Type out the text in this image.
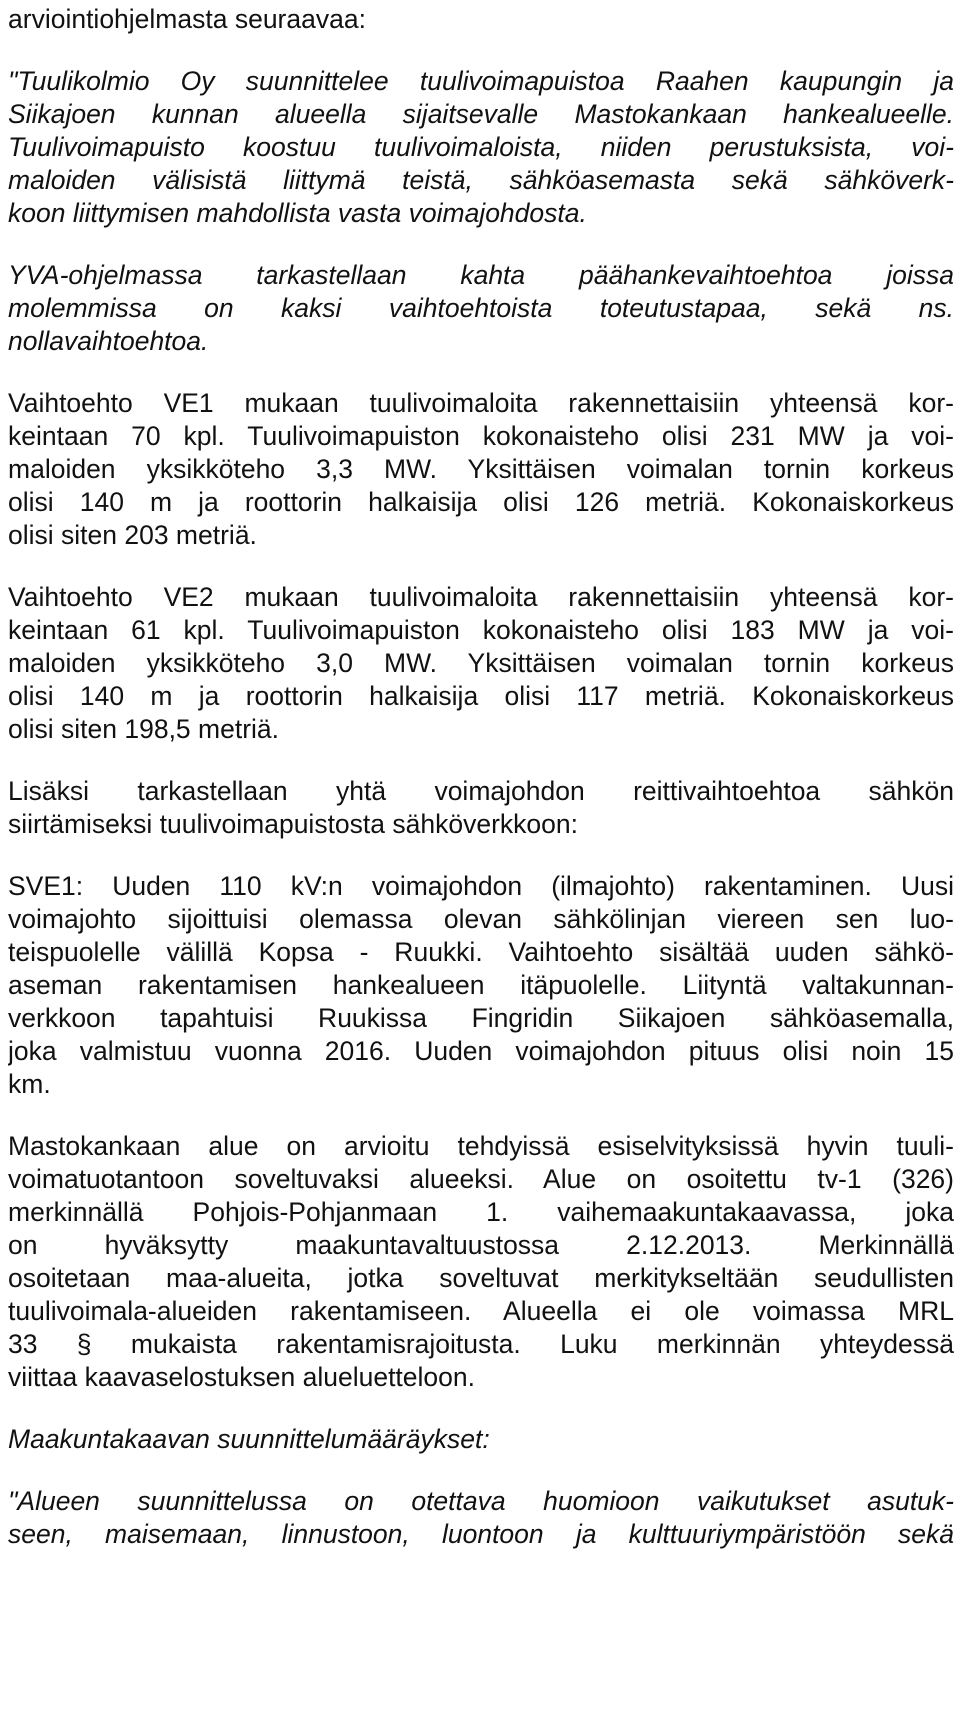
arviointiohjelmasta seuraavaa:
"Tuulikolmio Oy suunnittelee tuulivoimapuistoa Raahen kaupungin ja
Siikajoen kunnan alueella sijaitsevalle Mastokankaan hankealueelle.
Tuulivoimapuisto koostuu tuulivoimaloista, niiden perustuksista, voi-
maloiden välisistä liittymä teistä, sähköasemasta sekä sähköverk-
koon liittymisen mahdollista vasta voimajohdosta.
YVA-ohjelmassa tarkastellaan kahta päähankevaihtoehtoa joissa
molemmissa on kaksi vaihtoehtoista toteutustapaa, sekä ns.
nollavaihtoehtoa.
Vaihtoehto VE1 mukaan tuulivoimaloita rakennettaisiin yhteensä kor-
keintaan 70 kpl. Tuulivoimapuiston kokonaisteho olisi 231 MW ja voi-
maloiden yksikköteho 3,3 MW. Yksittäisen voimalan tornin korkeus
olisi 140 m ja roottorin halkaisija olisi 126 metriä. Kokonaiskorkeus
olisi siten 203 metriä.
Vaihtoehto VE2 mukaan tuulivoimaloita rakennettaisiin yhteensä kor-
keintaan 61 kpl. Tuulivoimapuiston kokonaisteho olisi 183 MW ja voi-
maloiden yksikköteho 3,0 MW. Yksittäisen voimalan tornin korkeus
olisi 140 m ja roottorin halkaisija olisi 117 metriä. Kokonaiskorkeus
olisi siten 198,5 metriä.
Lisäksi tarkastellaan yhtä voimajohdon reittivaihtoehtoa sähkön
siirtämiseksi tuulivoimapuistosta sähköverkkoon:
SVE1: Uuden 110 kV:n voimajohdon (ilmajohto) rakentaminen. Uusi
voimajohto sijoittuisi olemassa olevan sähkölinjan viereen sen luo-
teispuolelle välillä Kopsa - Ruukki. Vaihtoehto sisältää uuden sähkö-
aseman rakentamisen hankealueen itäpuolelle. Liityntä valtakunnan-
verkkoon tapahtuisi Ruukissa Fingridin Siikajoen sähköasemalla,
joka valmistuu vuonna 2016. Uuden voimajohdon pituus olisi noin 15
km.
Mastokankaan alue on arvioitu tehdyissä esiselvityksissä hyvin tuuli-
voimatuotantoon soveltuvaksi alueeksi. Alue on osoitettu tv-1 (326)
merkinnällä Pohjois-Pohjanmaan 1. vaihemaakuntakaavassa, joka
on hyväksytty maakuntavaltuustossa 2.12.2013. Merkinnällä
osoitetaan maa-alueita, jotka soveltuvat merkitykseltään seudullisten
tuulivoimala-alueiden rakentamiseen. Alueella ei ole voimassa MRL
33 § mukaista rakentamisrajoitusta. Luku merkinnän yhteydessä
viittaa kaavaselostuksen alueluetteloon.
Maakuntakaavan suunnittelumääräykset:
"Alueen suunnittelussa on otettava huomioon vaikutukset asutuk-
seen, maisemaan, linnustoon, luontoon ja kulttuuriympäristöön sekä
